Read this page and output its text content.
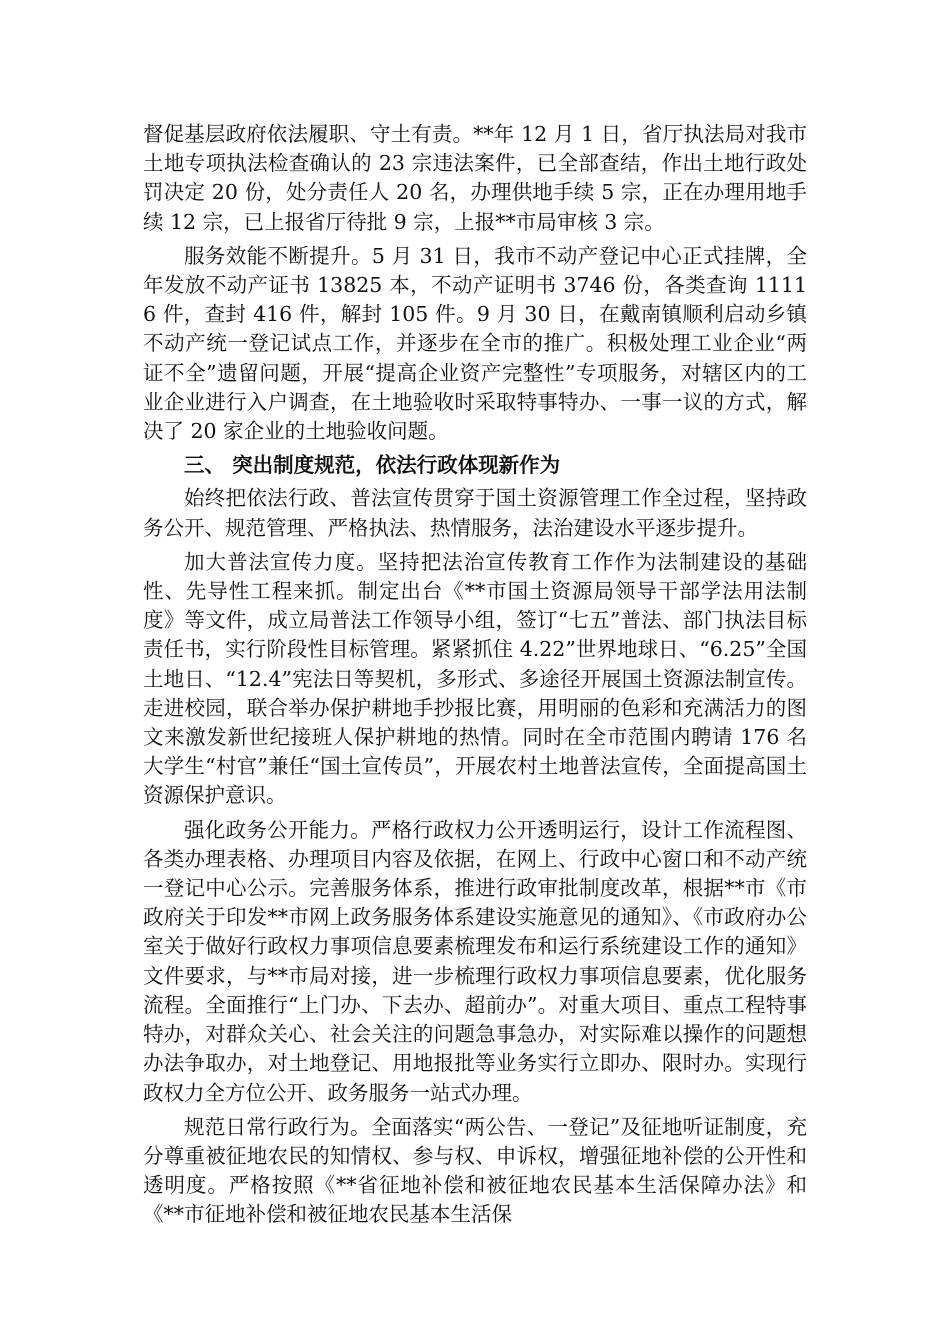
督促基层政府依法履职、守土有责。**年 12 月 1 日，省厅执法局对我市土地专项执法检查确认的 23 宗违法案件，已全部查结，作出土地行政处罚决定 20 份，处分责任人 20 名，办理供地手续 5 宗，正在办理用地手续 12 宗，已上报省厅待批 9 宗，上报**市局审核 3 宗。

服务效能不断提升。5 月 31 日，我市不动产登记中心正式挂牌，全年发放不动产证书 13825 本，不动产证明书 3746 份，各类查询 11116 件，查封 416 件，解封 105 件。9 月 30 日，在戴南镇顺利启动乡镇不动产统一登记试点工作，并逐步在全市的推广。积极处理工业企业“两证不全”遗留问题，开展“提高企业资产完整性”专项服务，对辖区内的工业企业进行入户调查，在土地验收时采取特事特办、一事一议的方式，解决了 20 家企业的土地验收问题。

三、 突出制度规范，依法行政体现新作为

始终把依法行政、普法宣传贯穿于国土资源管理工作全过程，坚持政务公开、规范管理、严格执法、热情服务，法治建设水平逐步提升。

加大普法宣传力度。坚持把法治宣传教育工作作为法制建设的基础性、先导性工程来抓。制定出台《**市国土资源局领导干部学法用法制度》等文件，成立局普法工作领导小组，签订“七五”普法、部门执法目标责任书，实行阶段性目标管理。紧紧抓住 4.22”世界地球日、“6.25”全国土地日、“12.4”宪法日等契机，多形式、多途径开展国土资源法制宣传。走进校园，联合举办保护耕地手抄报比赛，用明丽的色彩和充满活力的图文来激发新世纪接班人保护耕地的热情。同时在全市范围内聘请 176 名大学生“村官”兼任“国土宣传员”，开展农村土地普法宣传，全面提高国土资源保护意识。

强化政务公开能力。严格行政权力公开透明运行，设计工作流程图、各类办理表格、办理项目内容及依据，在网上、行政中心窗口和不动产统一登记中心公示。完善服务体系，推进行政审批制度改革，根据**市《市政府关于印发**市网上政务服务体系建设实施意见的通知》、《市政府办公室关于做好行政权力事项信息要素梳理发布和运行系统建设工作的通知》文件要求，与**市局对接，进一步梳理行政权力事项信息要素，优化服务流程。全面推行“上门办、下去办、超前办”。对重大项目、重点工程特事特办，对群众关心、社会关注的问题急事急办，对实际难以操作的问题想办法争取办，对土地登记、用地报批等业务实行立即办、限时办。实现行政权力全方位公开、政务服务一站式办理。

规范日常行政行为。全面落实“两公告、一登记”及征地听证制度，充分尊重被征地农民的知情权、参与权、申诉权，增强征地补偿的公开性和透明度。严格按照《**省征地补偿和被征地农民基本生活保障办法》和《**市征地补偿和被征地农民基本生活保
